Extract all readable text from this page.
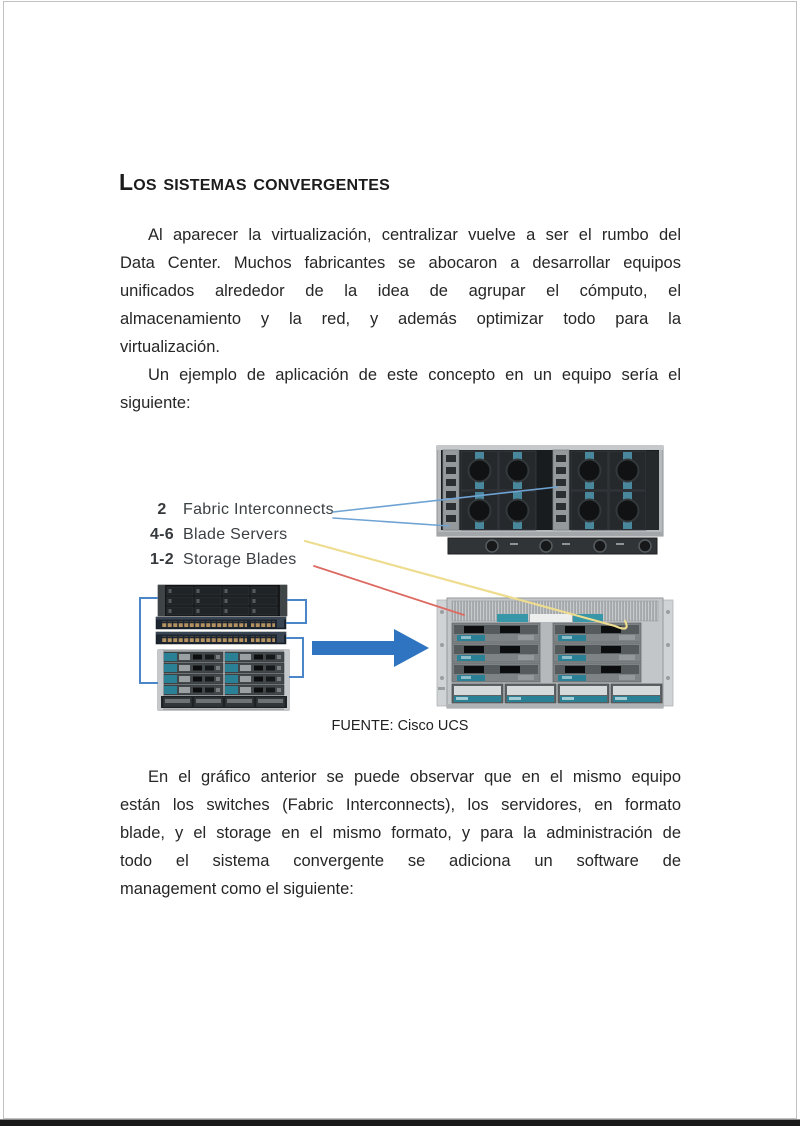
Los sistemas convergentes
Al aparecer la virtualización, centralizar vuelve a ser el rumbo del
Data Center. Muchos fabricantes se abocaron a desarrollar equipos
unificados alrededor de la idea de agrupar el cómputo, el
almacenamiento y la red, y además optimizar todo para la
virtualización.
Un ejemplo de aplicación de este concepto en un equipo sería el
siguiente:
2 Fabric Interconnects
4-6 Blade Servers
1-2 Storage Blades
FUENTE: Cisco UCS
En el gráfico anterior se puede observar que en el mismo equipo
están los switches (Fabric Interconnects), los servidores, en formato
blade, y el storage en el mismo formato, y para la administración de
todo el sistema convergente se adiciona un software de
management como el siguiente:
